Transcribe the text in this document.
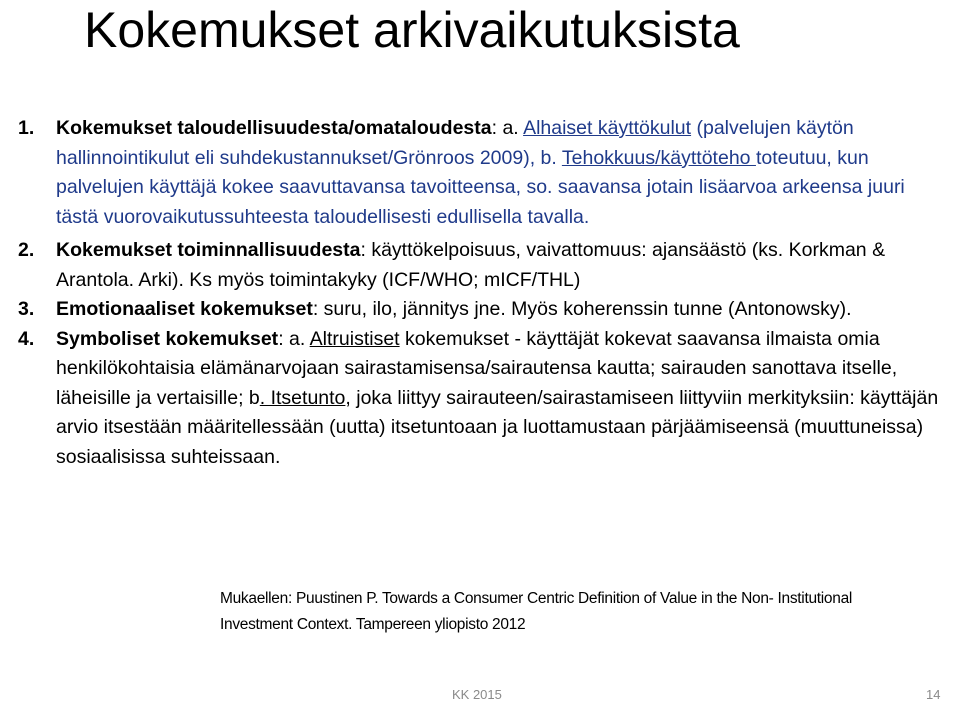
Kokemukset arkivaikutuksista
1. Kokemukset taloudellisuudesta/omataloudesta: a. Alhaiset käyttökulut (palvelujen käytön hallinnointikulut eli suhdekustannukset/Grönroos 2009), b. Tehokkuus/käyttöteho toteutuu, kun palvelujen käyttäjä kokee saavuttavansa tavoitteensa, so. saavansa jotain lisäarvoa arkeensa juuri tästä vuorovaikutussuhteesta taloudellisesti edullisella tavalla.
2. Kokemukset toiminnallisuudesta: käyttökelpoisuus, vaivattomuus: ajansäästö (ks. Korkman & Arantola. Arki). Ks myös toimintakyky (ICF/WHO; mICF/THL)
3. Emotionaaliset kokemukset: suru, ilo, jännitys jne. Myös koherenssin tunne (Antonowsky).
4. Symboliset kokemukset: a. Altruistiset kokemukset - käyttäjät kokevat saavansa ilmaista omia henkilökohtaisia elämänarvojaan sairastamisensa/sairautensa kautta; sairauden sanottava itselle, läheisille ja vertaisille; b. Itsetunto, joka liittyy sairauteen/sairastamiseen liittyviin merkityksiin: käyttäjän arvio itsestään määritellessään (uutta) itsetuntoaan ja luottamustaan pärjäämiseensä (muuttuneissa) sosiaalisissa suhteissaan.
Mukaellen: Puustinen P. Towards a Consumer Centric Definition of Value in the Non- Institutional
Investment Context. Tampereen yliopisto 2012
KK 2015	14
